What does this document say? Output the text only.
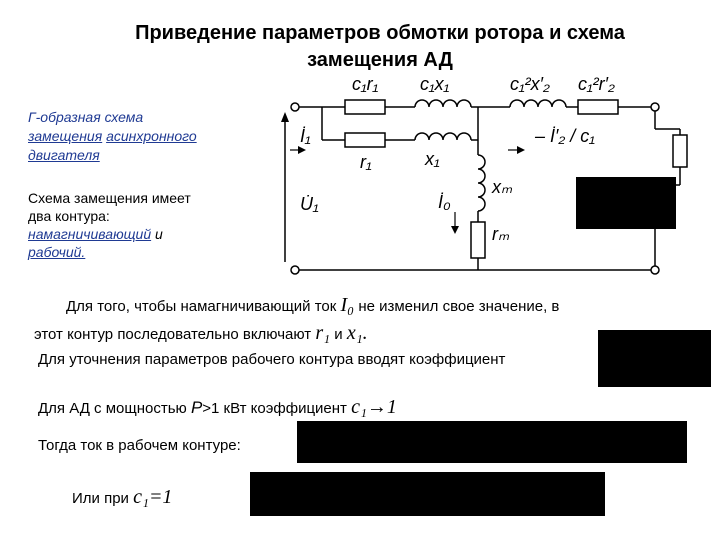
Приведение параметров обмотки ротора и схема
замещения АД
Г-образная схема
замещения асинхронного
двигателя
Схема замещения имеет
два контура:
намагничивающий и
рабочий.
c₁r₁ c₁x₁	c₁²x′₂ c₁²r′₂
İ₁
r₁	x₁
– İ′₂ / c₁
xₘ
U̇₁	İ₀
rₘ
Для того, чтобы намагничивающий ток I₀ не изменил свое значение, в
этот контур последовательно включают r₁ и x₁.
Для уточнения параметров рабочего контура вводят коэффициент
Для АД с мощностью P>1 кВт коэффициент c₁→1
Тогда ток в рабочем контуре:
Или при c₁=1
